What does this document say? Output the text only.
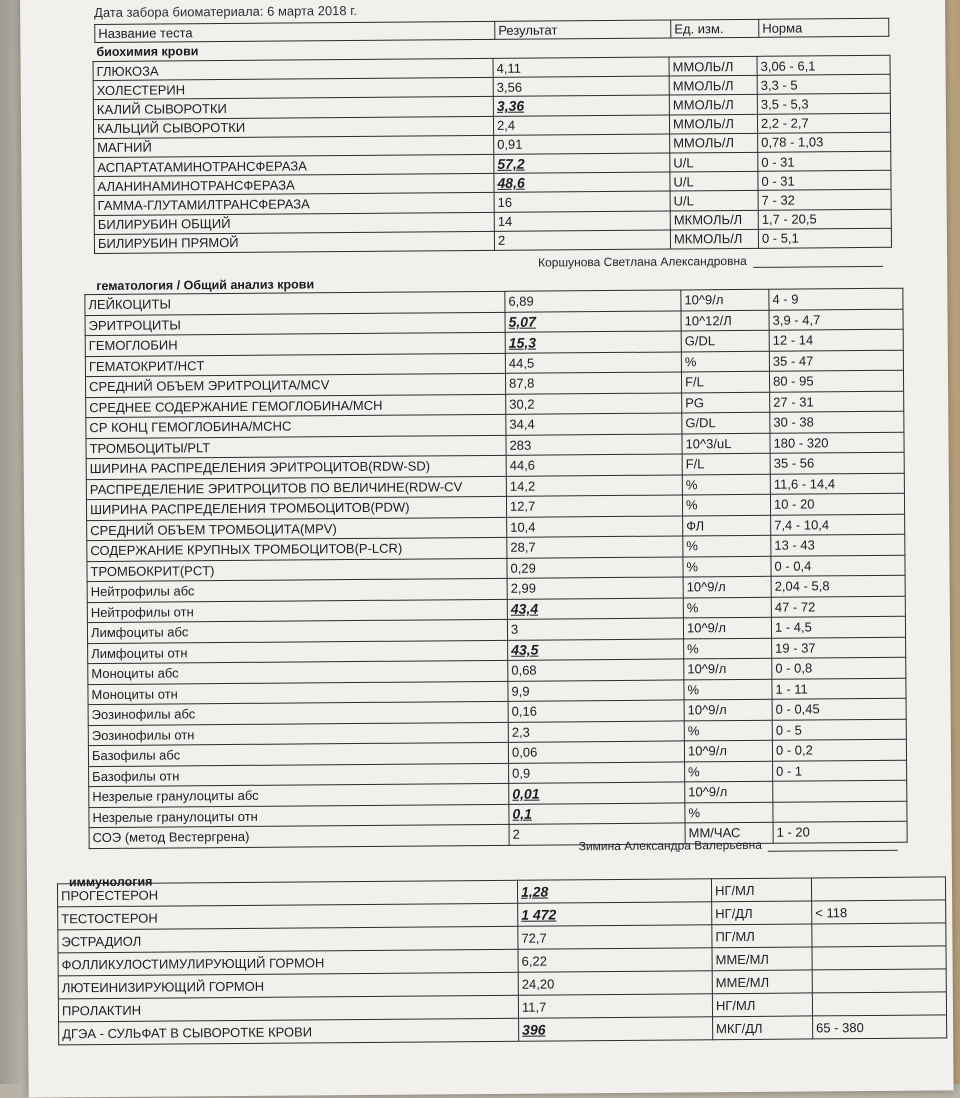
Дата забора биоматериала: 6 марта 2018 г.
Название теста	Результат	Ед. изм.	Норма
биохимия крови
ГЛЮКОЗА	4,11	ММОЛЬ/Л	3,06 - 6,1
ХОЛЕСТЕРИН	3,56	ММОЛЬ/Л	3,3 - 5
КАЛИЙ СЫВОРОТКИ	3,36	ММОЛЬ/Л	3,5 - 5,3
КАЛЬЦИЙ СЫВОРОТКИ	2,4	ММОЛЬ/Л	2,2 - 2,7
МАГНИЙ	0,91	ММОЛЬ/Л	0,78 - 1,03
АСПАРТАТАМИНОТРАНСФЕРАЗА	57,2	U/L	0 - 31
АЛАНИНАМИНОТРАНСФЕРАЗА	48,6	U/L	0 - 31
ГАММА-ГЛУТАМИЛТРАНСФЕРАЗА	16	U/L	7 - 32
БИЛИРУБИН ОБЩИЙ	14	МКМОЛЬ/Л	1,7 - 20,5
БИЛИРУБИН ПРЯМОЙ	2	МКМОЛЬ/Л	0 - 5,1
Коршунова Светлана Александровна
гематология / Общий анализ крови
ЛЕЙКОЦИТЫ	6,89	10^9/л	4 - 9
ЭРИТРОЦИТЫ	5,07	10^12/Л	3,9 - 4,7
ГЕМОГЛОБИН	15,3	G/DL	12 - 14
ГЕМАТОКРИТ/HCT	44,5	%	35 - 47
СРЕДНИЙ ОБЪЕМ ЭРИТРОЦИТА/MCV	87,8	F/L	80 - 95
СРЕДНЕЕ СОДЕРЖАНИЕ ГЕМОГЛОБИНА/MCH	30,2	PG	27 - 31
СР КОНЦ ГЕМОГЛОБИНА/MCHC	34,4	G/DL	30 - 38
ТРОМБОЦИТЫ/PLT	283	10^3/uL	180 - 320
ШИРИНА РАСПРЕДЕЛЕНИЯ ЭРИТРОЦИТОВ(RDW-SD)	44,6	F/L	35 - 56
РАСПРЕДЕЛЕНИЕ ЭРИТРОЦИТОВ ПО ВЕЛИЧИНЕ(RDW-CV	14,2	%	11,6 - 14,4
ШИРИНА РАСПРЕДЕЛЕНИЯ ТРОМБОЦИТОВ(PDW)	12,7	%	10 - 20
СРЕДНИЙ ОБЪЕМ ТРОМБОЦИТА(MPV)	10,4	ФЛ	7,4 - 10,4
СОДЕРЖАНИЕ КРУПНЫХ ТРОМБОЦИТОВ(P-LCR)	28,7	%	13 - 43
ТРОМБОКРИТ(PCT)	0,29	%	0 - 0,4
Нейтрофилы абс	2,99	10^9/л	2,04 - 5,8
Нейтрофилы отн	43,4	%	47 - 72
Лимфоциты абс	3	10^9/л	1 - 4,5
Лимфоциты отн	43,5	%	19 - 37
Моноциты абс	0,68	10^9/л	0 - 0,8
Моноциты отн	9,9	%	1 - 11
Эозинофилы абс	0,16	10^9/л	0 - 0,45
Эозинофилы отн	2,3	%	0 - 5
Базофилы абс	0,06	10^9/л	0 - 0,2
Базофилы отн	0,9	%	0 - 1
Незрелые гранулоциты абс	0,01	10^9/л	
Незрелые гранулоциты отн	0,1	%	
СОЭ (метод Вестергрена)	2	ММ/ЧАС	1 - 20
Зимина Александра Валерьевна
иммунология
ПРОГЕСТЕРОН	1,28	НГ/МЛ	
ТЕСТОСТЕРОН	1 472	НГ/ДЛ	< 118
ЭСТРАДИОЛ	72,7	ПГ/МЛ	
ФОЛЛИКУЛОСТИМУЛИРУЮЩИЙ ГОРМОН	6,22	МME/МЛ	
ЛЮТЕИНИЗИРУЮЩИЙ ГОРМОН	24,20	МME/МЛ	
ПРОЛАКТИН	11,7	НГ/МЛ	
ДГЭА - СУЛЬФАТ В СЫВОРОТКЕ КРОВИ	396	МКГ/ДЛ	65 - 380
